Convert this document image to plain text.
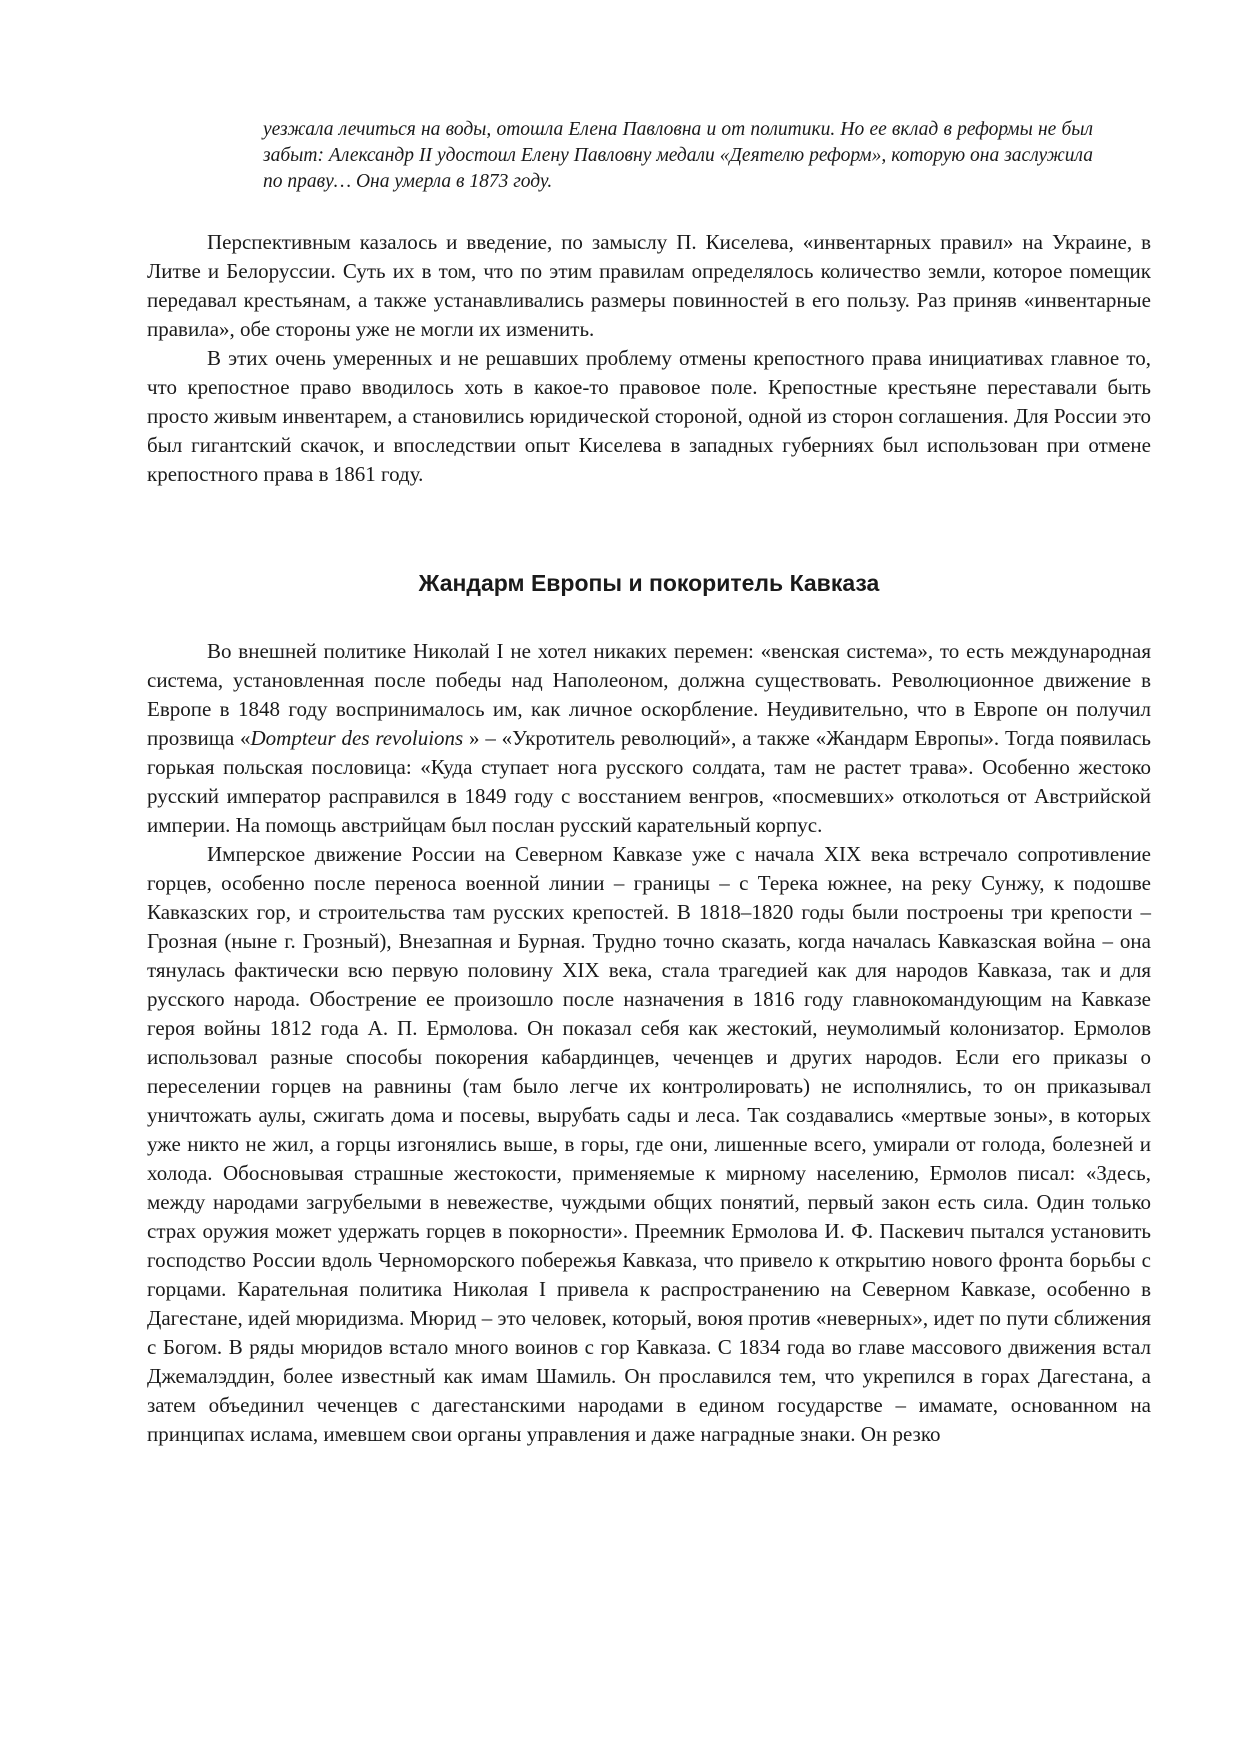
уезжала лечиться на воды, отошла Елена Павловна и от политики. Но ее вклад в реформы не был забыт: Александр II удостоил Елену Павловну медали «Деятелю реформ», которую она заслужила по праву… Она умерла в 1873 году.

Перспективным казалось и введение, по замыслу П. Киселева, «инвентарных правил» на Украине, в Литве и Белоруссии. Суть их в том, что по этим правилам определялось количество земли, которое помещик передавал крестьянам, а также устанавливались размеры повинностей в его пользу. Раз приняв «инвентарные правила», обе стороны уже не могли их изменить.

В этих очень умеренных и не решавших проблему отмены крепостного права инициативах главное то, что крепостное право вводилось хоть в какое-то правовое поле. Крепостные крестьяне переставали быть просто живым инвентарем, а становились юридической стороной, одной из сторон соглашения. Для России это был гигантский скачок, и впоследствии опыт Киселева в западных губерниях был использован при отмене крепостного права в 1861 году.

Жандарм Европы и покоритель Кавказа

Во внешней политике Николай I не хотел никаких перемен: «венская система», то есть международная система, установленная после победы над Наполеоном, должна существовать. Революционное движение в Европе в 1848 году воспринималось им, как личное оскорбление. Неудивительно, что в Европе он получил прозвища «Dompteur des revoluions » – «Укротитель революций», а также «Жандарм Европы». Тогда появилась горькая польская пословица: «Куда ступает нога русского солдата, там не растет трава». Особенно жестоко русский император расправился в 1849 году с восстанием венгров, «посмевших» отколоться от Австрийской империи. На помощь австрийцам был послан русский карательный корпус.

Имперское движение России на Северном Кавказе уже с начала XIX века встречало сопротивление горцев, особенно после переноса военной линии – границы – с Терека южнее, на реку Сунжу, к подошве Кавказских гор, и строительства там русских крепостей. В 1818–1820 годы были построены три крепости – Грозная (ныне г. Грозный), Внезапная и Бурная. Трудно точно сказать, когда началась Кавказская война – она тянулась фактически всю первую половину XIX века, стала трагедией как для народов Кавказа, так и для русского народа. Обострение ее произошло после назначения в 1816 году главнокомандующим на Кавказе героя войны 1812 года А. П. Ермолова. Он показал себя как жестокий, неумолимый колонизатор. Ермолов использовал разные способы покорения кабардинцев, чеченцев и других народов. Если его приказы о переселении горцев на равнины (там было легче их контролировать) не исполнялись, то он приказывал уничтожать аулы, сжигать дома и посевы, вырубать сады и леса. Так создавались «мертвые зоны», в которых уже никто не жил, а горцы изгонялись выше, в горы, где они, лишенные всего, умирали от голода, болезней и холода. Обосновывая страшные жестокости, применяемые к мирному населению, Ермолов писал: «Здесь, между народами загрубелыми в невежестве, чуждыми общих понятий, первый закон есть сила. Один только страх оружия может удержать горцев в покорности». Преемник Ермолова И. Ф. Паскевич пытался установить господство России вдоль Черноморского побережья Кавказа, что привело к открытию нового фронта борьбы с горцами. Карательная политика Николая I привела к распространению на Северном Кавказе, особенно в Дагестане, идей мюридизма. Мюрид – это человек, который, воюя против «неверных», идет по пути сближения с Богом. В ряды мюридов встало много воинов с гор Кавказа. С 1834 года во главе массового движения встал Джемалэддин, более известный как имам Шамиль. Он прославился тем, что укрепился в горах Дагестана, а затем объединил чеченцев с дагестанскими народами в едином государстве – имамате, основанном на принципах ислама, имевшем свои органы управления и даже наградные знаки. Он резко
